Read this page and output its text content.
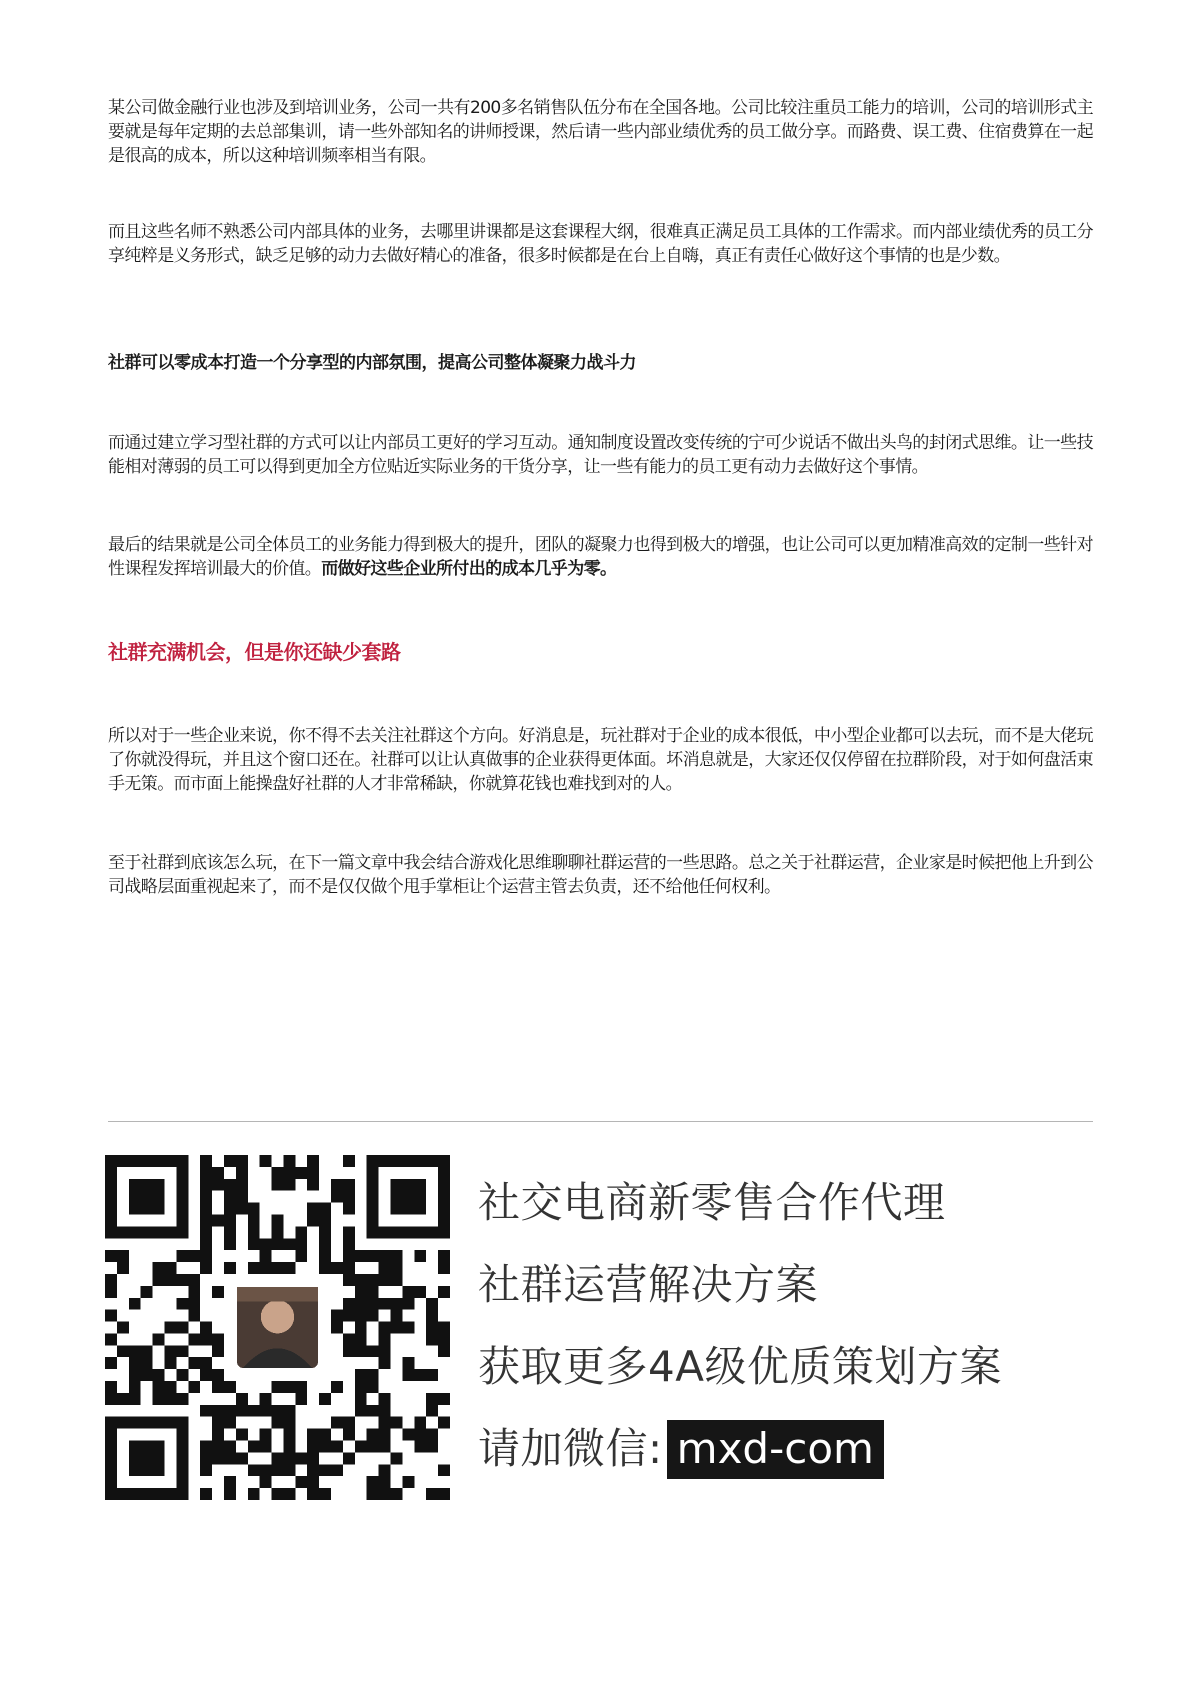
某公司做金融行业也涉及到培训业务，公司一共有200多名销售队伍分布在全国各地。公司比较注重员工能力的培训，公司的培训形式主要就是每年定期的去总部集训，请一些外部知名的讲师授课，然后请一些内部业绩优秀的员工做分享。而路费、误工费、住宿费算在一起是很高的成本，所以这种培训频率相当有限。

而且这些名师不熟悉公司内部具体的业务，去哪里讲课都是这套课程大纲，很难真正满足员工具体的工作需求。而内部业绩优秀的员工分享纯粹是义务形式，缺乏足够的动力去做好精心的准备，很多时候都是在台上自嗨，真正有责任心做好这个事情的也是少数。

社群可以零成本打造一个分享型的内部氛围，提高公司整体凝聚力战斗力

而通过建立学习型社群的方式可以让内部员工更好的学习互动。通知制度设置改变传统的宁可少说话不做出头鸟的封闭式思维。让一些技能相对薄弱的员工可以得到更加全方位贴近实际业务的干货分享，让一些有能力的员工更有动力去做好这个事情。

最后的结果就是公司全体员工的业务能力得到极大的提升，团队的凝聚力也得到极大的增强，也让公司可以更加精准高效的定制一些针对性课程发挥培训最大的价值。而做好这些企业所付出的成本几乎为零。

社群充满机会，但是你还缺少套路

所以对于一些企业来说，你不得不去关注社群这个方向。好消息是，玩社群对于企业的成本很低，中小型企业都可以去玩，而不是大佬玩了你就没得玩，并且这个窗口还在。社群可以让认真做事的企业获得更体面。坏消息就是，大家还仅仅停留在拉群阶段，对于如何盘活束手无策。而市面上能操盘好社群的人才非常稀缺，你就算花钱也难找到对的人。

至于社群到底该怎么玩，在下一篇文章中我会结合游戏化思维聊聊社群运营的一些思路。总之关于社群运营，企业家是时候把他上升到公司战略层面重视起来了，而不是仅仅做个甩手掌柜让个运营主管去负责，还不给他任何权利。

社交电商新零售合作代理
社群运营解决方案
获取更多4A级优质策划方案
请加微信: mxd-com
